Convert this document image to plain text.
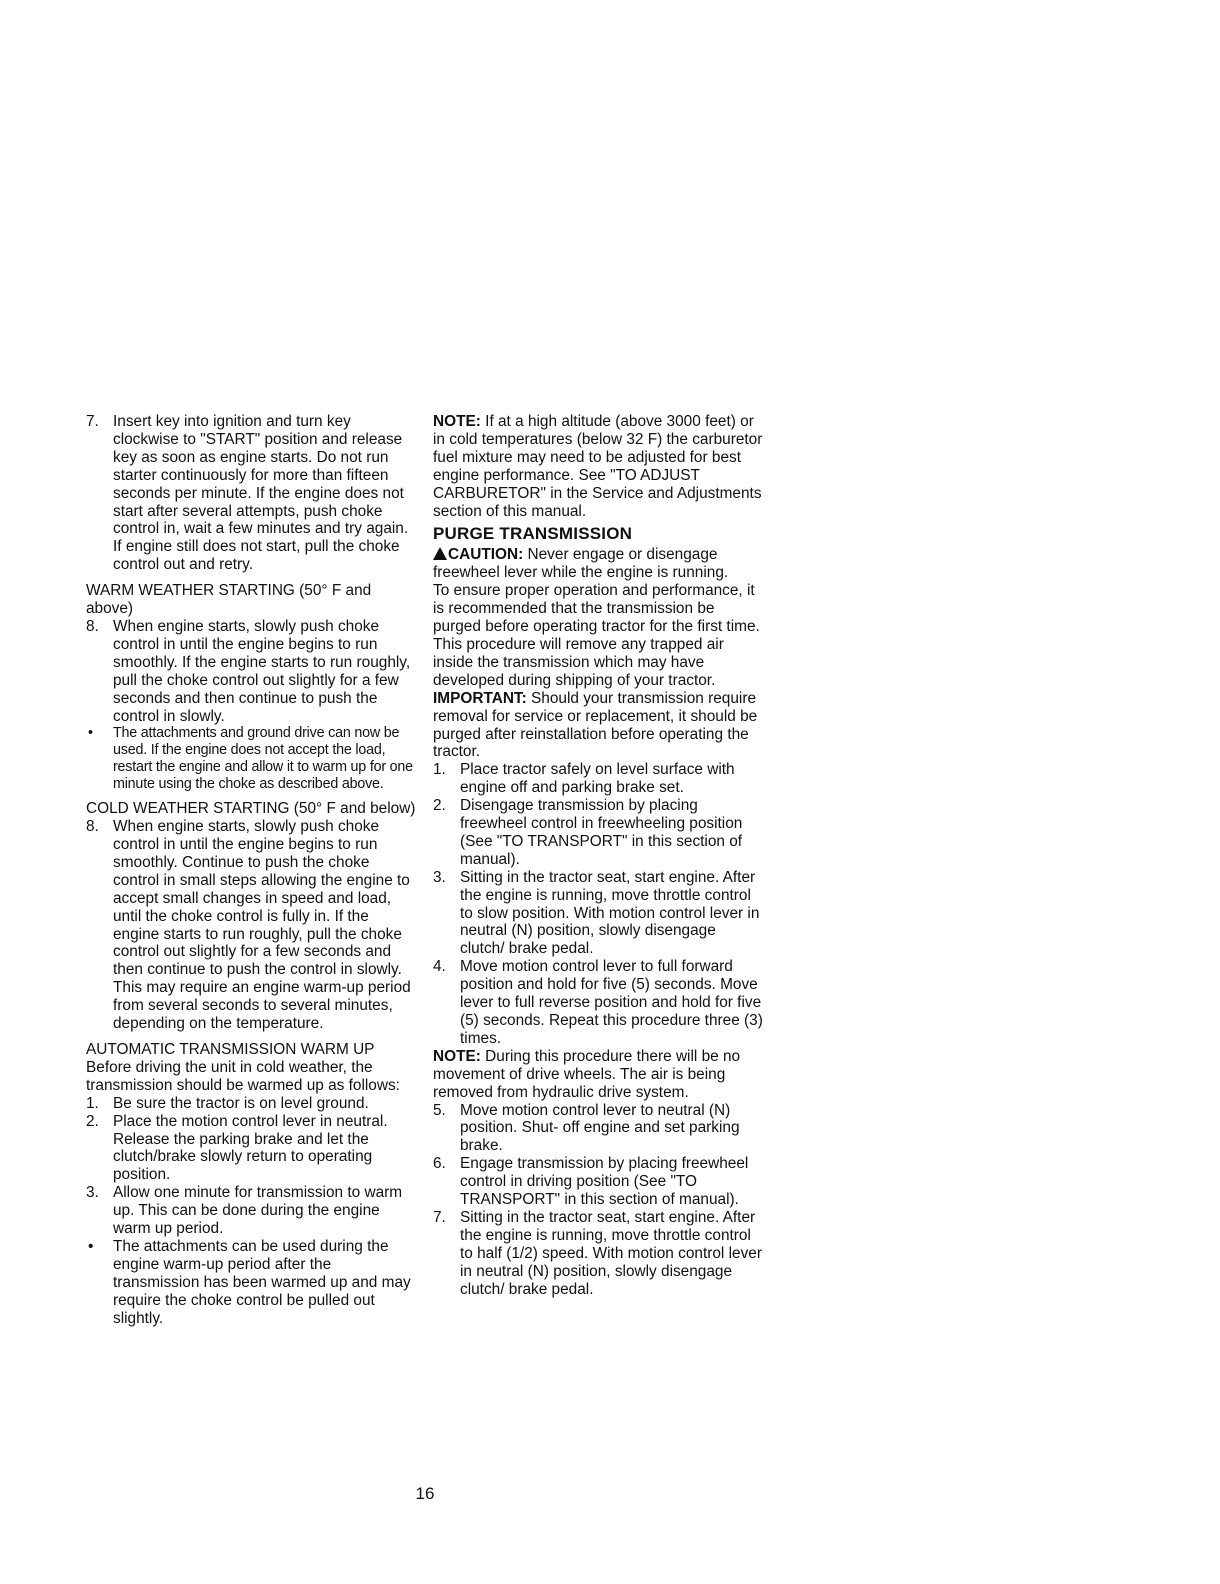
7. Insert key into ignition and turn key clockwise to "START" position and release key as soon as engine starts. Do not run starter continuously for more than fifteen seconds per minute. If the engine does not start after several attempts, push choke control in, wait a few minutes and try again. If engine still does not start, pull the choke control out and retry.

WARM WEATHER STARTING (50° F and above)

8. When engine starts, slowly push choke control in until the engine begins to run smoothly. If the engine starts to run roughly, pull the choke control out slightly for a few seconds and then continue to push the control in slowly.
•	The attachments and ground drive can now be used. If the engine does not accept the load, restart the engine and allow it to warm up for one minute using the choke as described above.

COLD WEATHER STARTING (50° F and below)

8. When engine starts, slowly push choke control in until the engine begins to run smoothly. Continue to push the choke control in small steps allowing the engine to accept small changes in speed and load, until the choke control is fully in. If the engine starts to run roughly, pull the choke control out slightly for a few seconds and then continue to push the control in slowly. This may require an engine warm-up period from several seconds to several minutes, depending on the temperature.

AUTOMATIC TRANSMISSION WARM UP

Before driving the unit in cold weather, the transmission should be warmed up as follows:

1. Be sure the tractor is on level ground.
2. Place the motion control lever in neutral. Release the parking brake and let the clutch/brake slowly return to operating position.
3. Allow one minute for transmission to warm up. This can be done during the engine warm up period.
•	The attachments can be used during the engine warm-up period after the transmission has been warmed up and may require the choke control be pulled out slightly.

NOTE: If at a high altitude (above 3000 feet) or in cold temperatures (below 32 F) the carburetor fuel mixture may need to be adjusted for best engine performance. See "TO ADJUST CARBURETOR" in the Service and Adjustments section of this manual.

PURGE TRANSMISSION

CAUTION: Never engage or disengage freewheel lever while the engine is running.

To ensure proper operation and performance, it is recommended that the transmission be purged before operating tractor for the first time.

This procedure will remove any trapped air inside the transmission which may have developed during shipping of your tractor.

IMPORTANT: Should your transmission require removal for service or replacement, it should be purged after reinstallation before operating the tractor.

1. Place tractor safely on level surface with engine off and parking brake set.
2. Disengage transmission by placing freewheel control in freewheeling position (See "TO TRANSPORT" in this section of manual).
3. Sitting in the tractor seat, start engine. After the engine is running, move throttle control to slow position. With motion control lever in neutral (N) position, slowly disengage clutch/ brake pedal.
4. Move motion control lever to full forward position and hold for five (5) seconds. Move lever to full reverse position and hold for five (5) seconds. Repeat this procedure three (3) times.

NOTE: During this procedure there will be no movement of drive wheels. The air is being removed from hydraulic drive system.

5. Move motion control lever to neutral (N) position. Shut- off engine and set parking brake.
6. Engage transmission by placing freewheel control in driving position (See "TO TRANSPORT" in this section of manual).
7. Sitting in the tractor seat, start engine. After the engine is running, move throttle control to half (1/2) speed. With motion control lever in neutral (N) position, slowly disengage clutch/ brake pedal.
16
